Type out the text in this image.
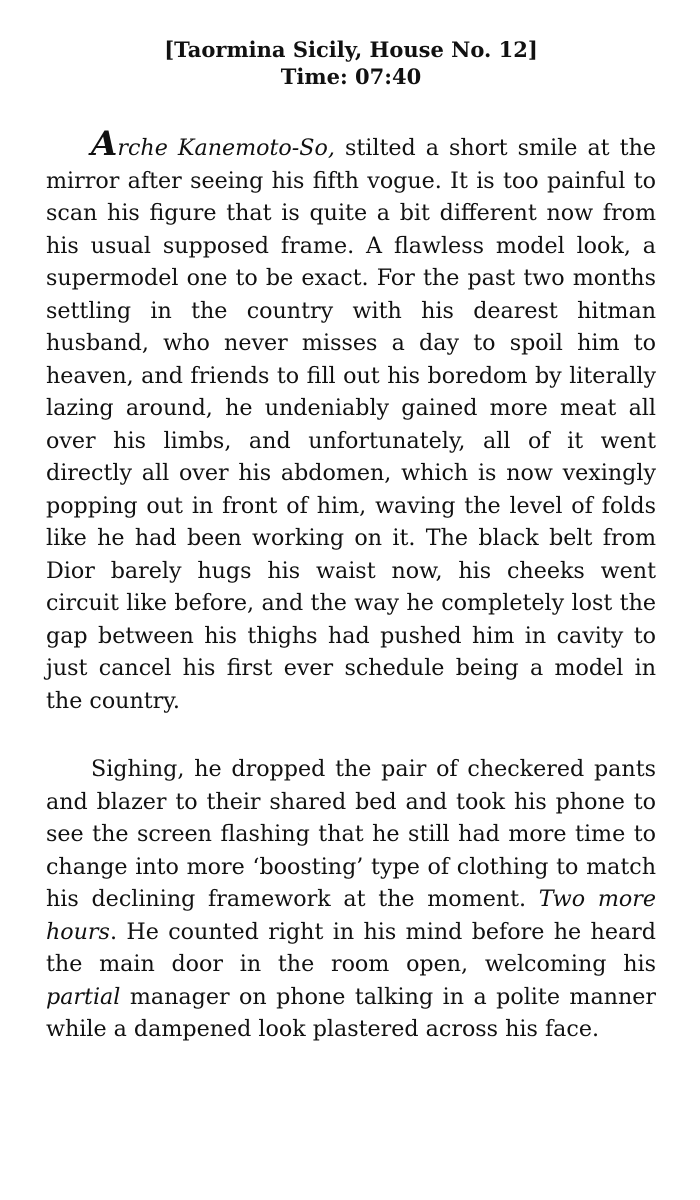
[Taormina Sicily, House No. 12]

Time: 07:40

Arche Kanemoto-So, stilted a short smile at the mirror after seeing his fifth vogue. It is too painful to scan his figure that is quite a bit different now from his usual supposed frame. A flawless model look, a supermodel one to be exact. For the past two months settling in the country with his dearest hitman husband, who never misses a day to spoil him to heaven, and friends to fill out his boredom by literally lazing around, he undeniably gained more meat all over his limbs, and unfortunately, all of it went directly all over his abdomen, which is now vexingly popping out in front of him, waving the level of folds like he had been working on it. The black belt from Dior barely hugs his waist now, his cheeks went circuit like before, and the way he completely lost the gap between his thighs had pushed him in cavity to just cancel his first ever schedule being a model in the country.

Sighing, he dropped the pair of checkered pants and blazer to their shared bed and took his phone to see the screen flashing that he still had more time to change into more ‘boosting’ type of clothing to match his declining framework at the moment. Two more hours. He counted right in his mind before he heard the main door in the room open, welcoming his partial manager on phone talking in a polite manner while a dampened look plastered across his face.
